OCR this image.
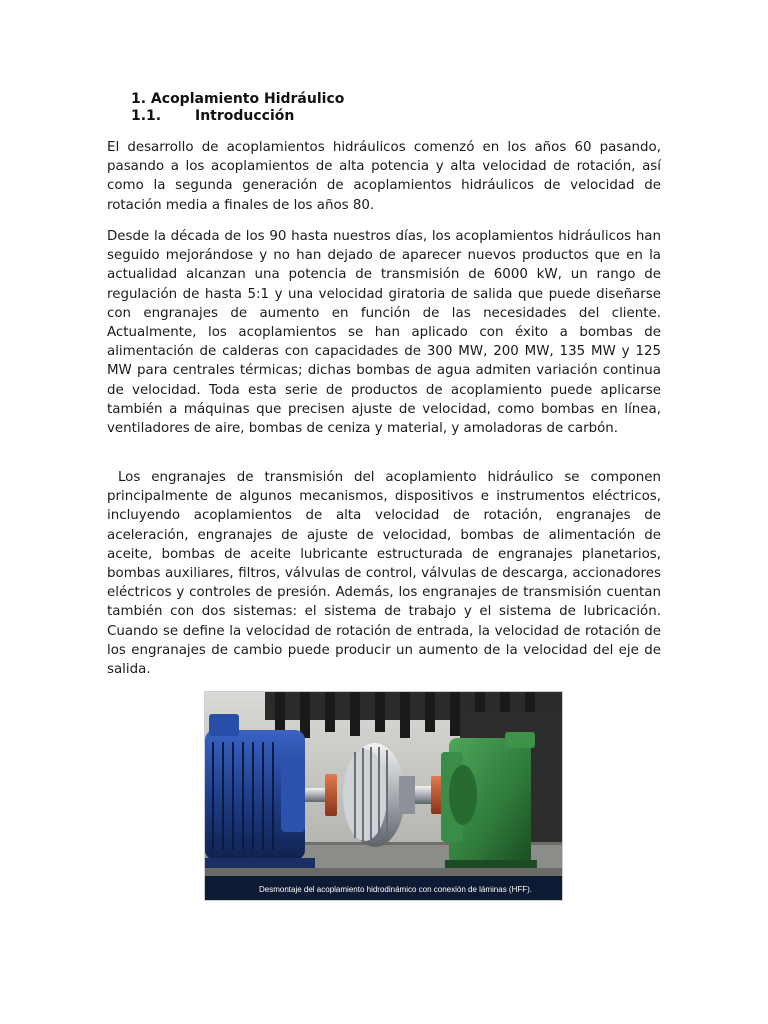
1. Acoplamiento Hidráulico
1.1. Introducción

El desarrollo de acoplamientos hidráulicos comenzó en los años 60 pasando, pasando a los acoplamientos de alta potencia y alta velocidad de rotación, así como la segunda generación de acoplamientos hidráulicos de velocidad de rotación media a finales de los años 80.

Desde la década de los 90 hasta nuestros días, los acoplamientos hidráulicos han seguido mejorándose y no han dejado de aparecer nuevos productos que en la actualidad alcanzan una potencia de transmisión de 6000 kW, un rango de regulación de hasta 5:1 y una velocidad giratoria de salida que puede diseñarse con engranajes de aumento en función de las necesidades del cliente. Actualmente, los acoplamientos se han aplicado con éxito a bombas de alimentación de calderas con capacidades de 300 MW, 200 MW, 135 MW y 125 MW para centrales térmicas; dichas bombas de agua admiten variación continua de velocidad. Toda esta serie de productos de acoplamiento puede aplicarse también a máquinas que precisen ajuste de velocidad, como bombas en línea, ventiladores de aire, bombas de ceniza y material, y amoladoras de carbón.

Los engranajes de transmisión del acoplamiento hidráulico se componen principalmente de algunos mecanismos, dispositivos e instrumentos eléctricos, incluyendo acoplamientos de alta velocidad de rotación, engranajes de aceleración, engranajes de ajuste de velocidad, bombas de alimentación de aceite, bombas de aceite lubricante estructurada de engranajes planetarios, bombas auxiliares, filtros, válvulas de control, válvulas de descarga, accionadores eléctricos y controles de presión. Además, los engranajes de transmisión cuentan también con dos sistemas: el sistema de trabajo y el sistema de lubricación. Cuando se define la velocidad de rotación de entrada, la velocidad de rotación de los engranajes de cambio puede producir un aumento de la velocidad del eje de salida.

Desmontaje del acoplamiento hidrodinámico con conexión de láminas (HFF).
